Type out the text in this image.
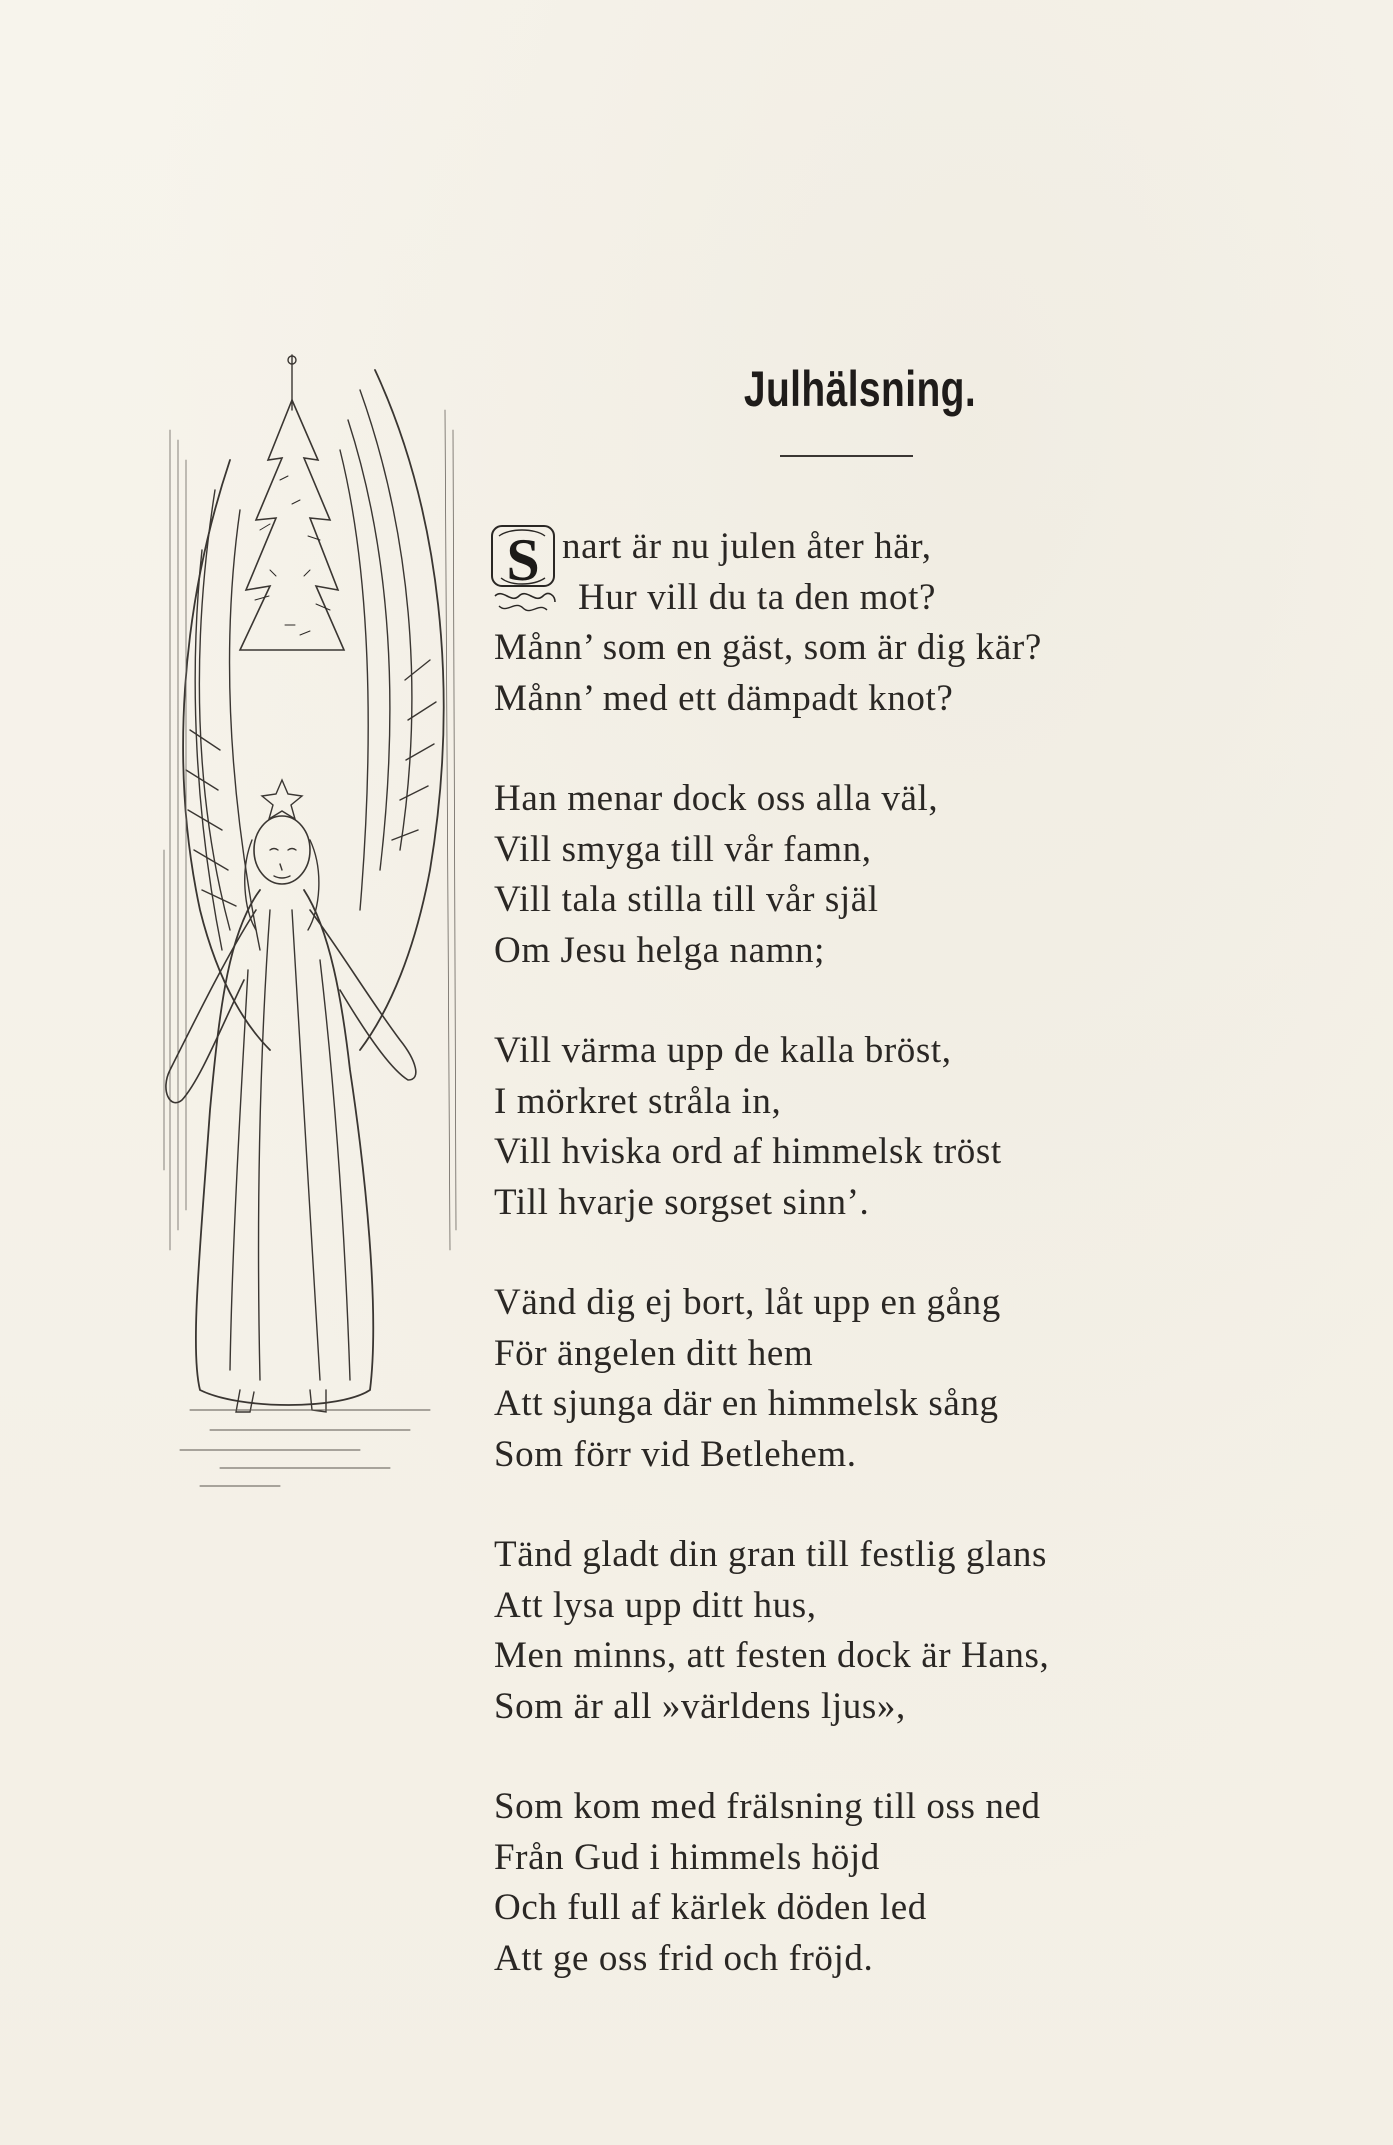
Julhälsning.
S nart är nu julen åter här,
Hur vill du ta den mot?
Månn’ som en gäst, som är dig kär?
Månn’ med ett dämpadt knot?
Han menar dock oss alla väl,
Vill smyga till vår famn,
Vill tala stilla till vår själ
Om Jesu helga namn;
Vill värma upp de kalla bröst,
I mörkret stråla in,
Vill hviska ord af himmelsk tröst
Till hvarje sorgset sinn’.
Vänd dig ej bort, låt upp en gång
För ängelen ditt hem
Att sjunga där en himmelsk sång
Som förr vid Betlehem.
Tänd gladt din gran till festlig glans
Att lysa upp ditt hus,
Men minns, att festen dock är Hans,
Som är all »världens ljus»,
Som kom med frälsning till oss ned
Från Gud i himmels höjd
Och full af kärlek döden led
Att ge oss frid och fröjd.
